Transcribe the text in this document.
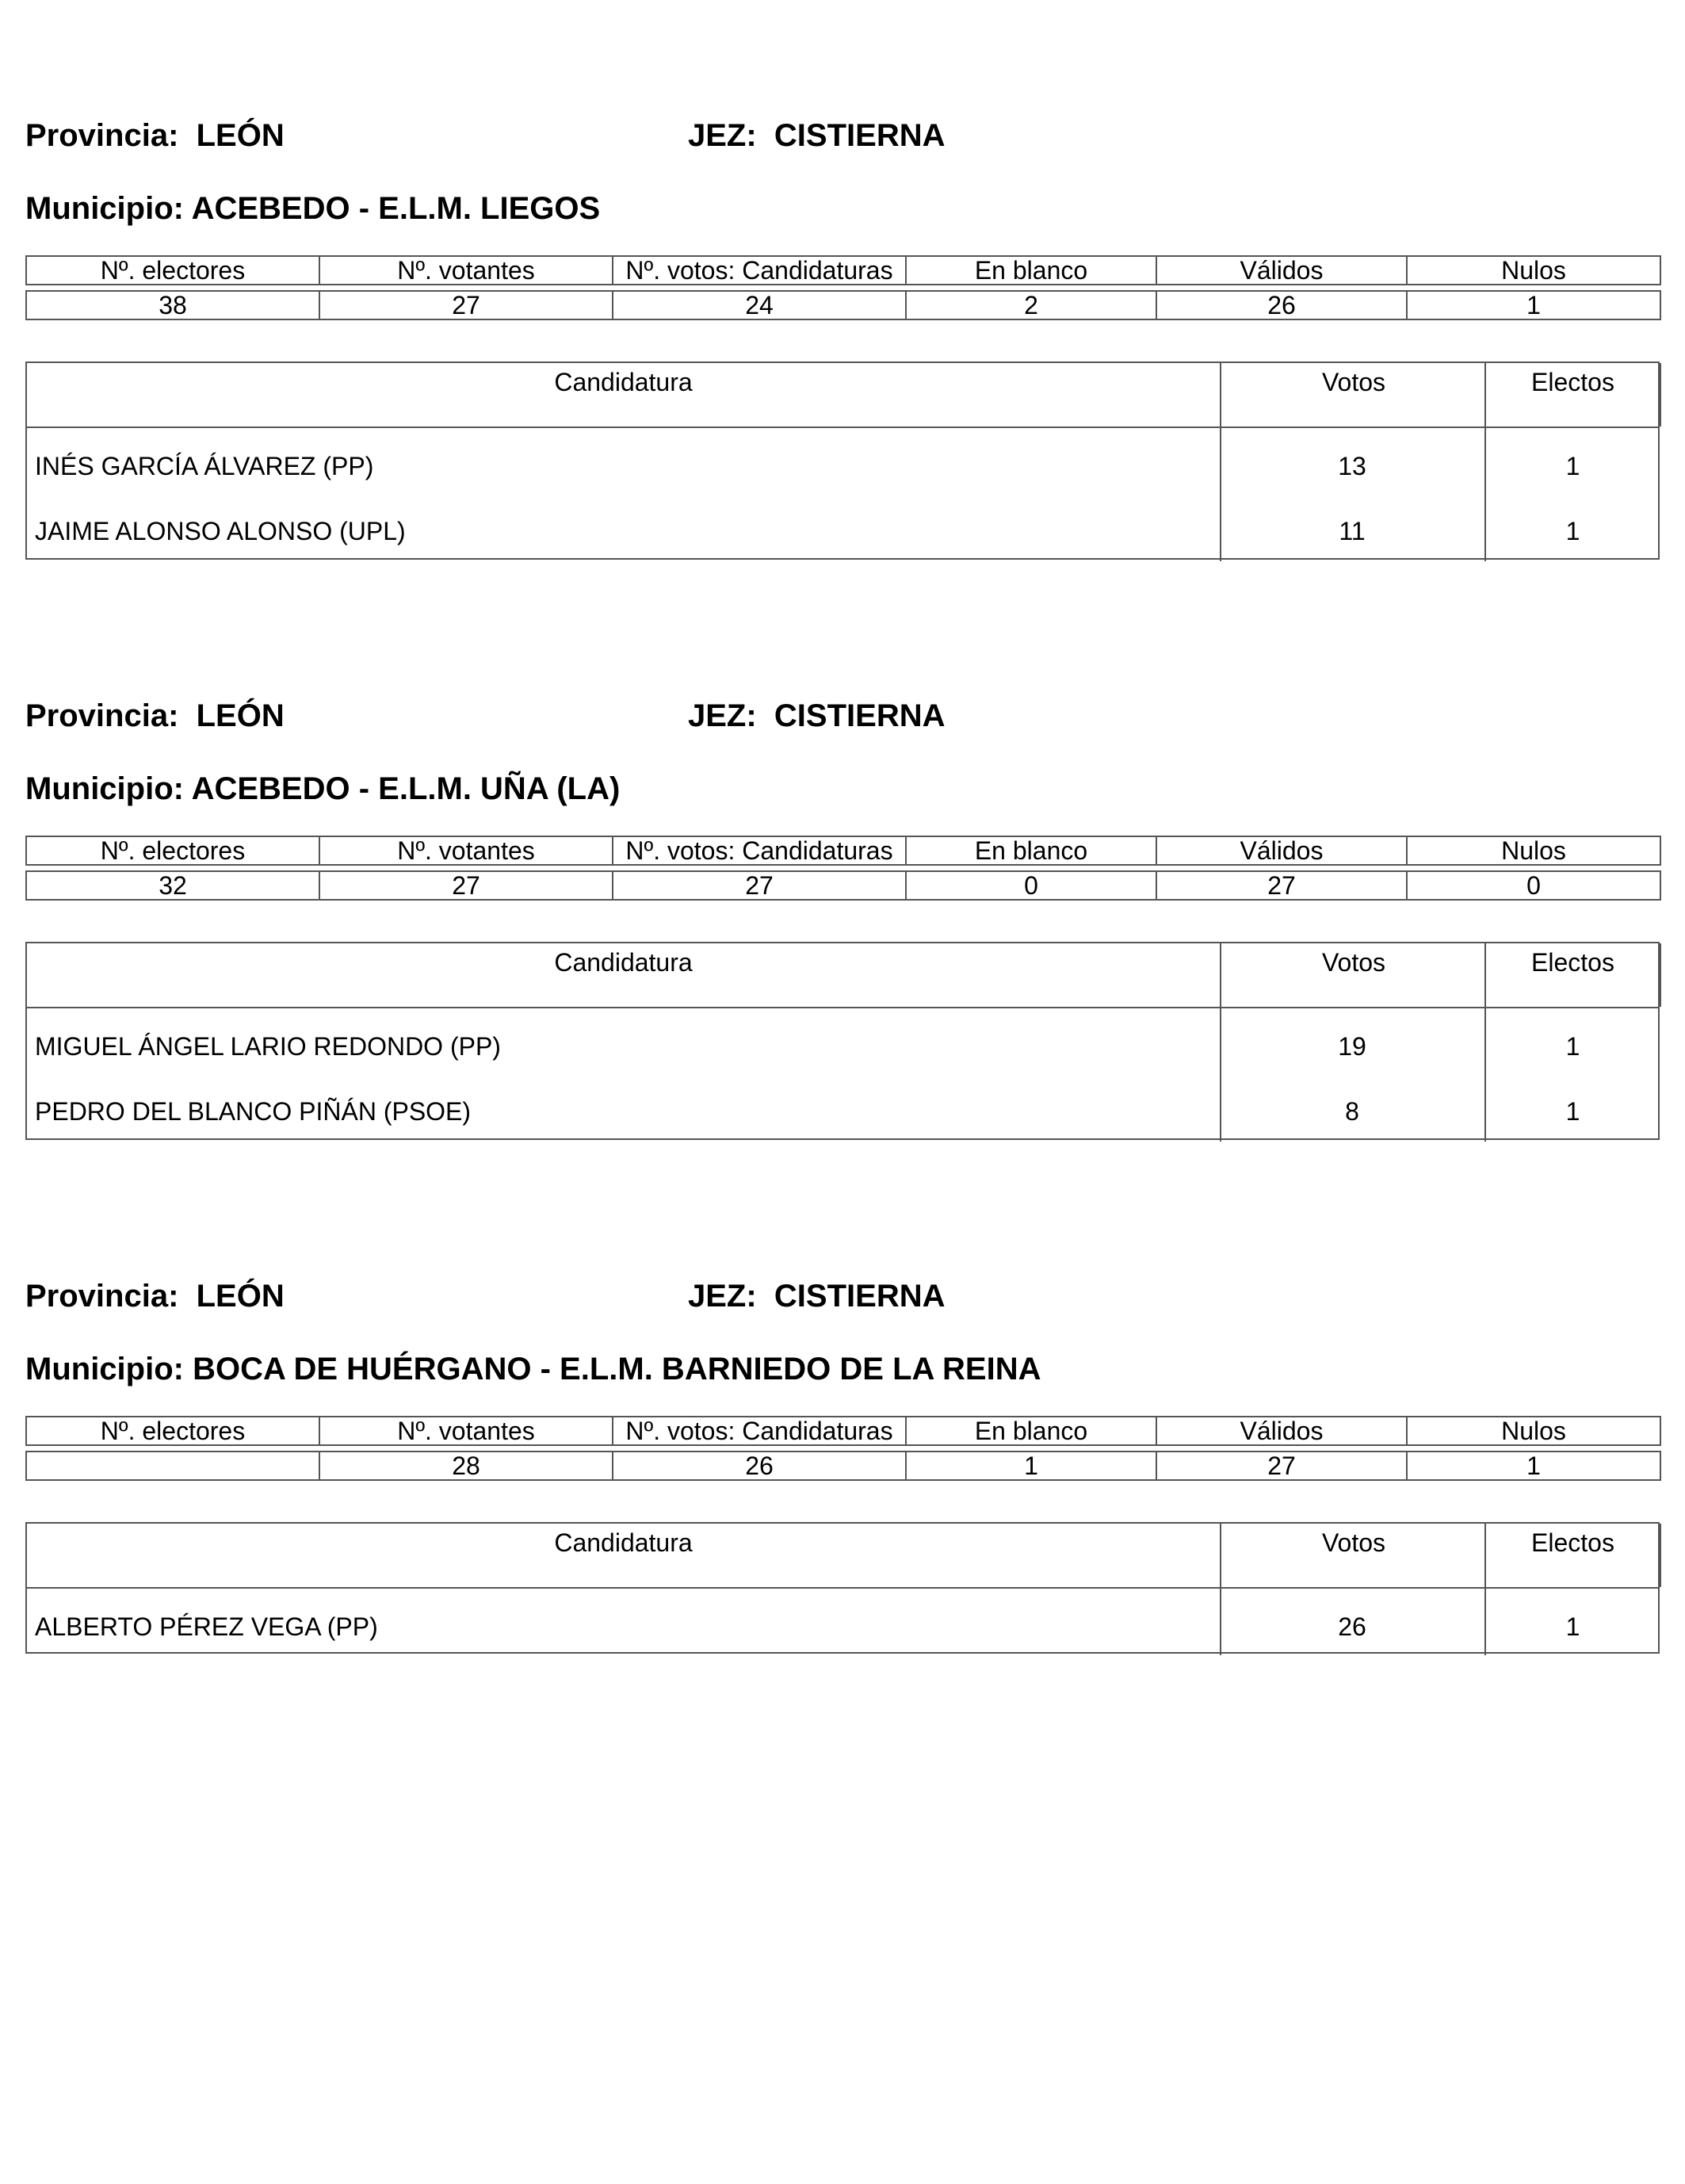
Provincia:  LEÓN	JEZ:  CISTIERNA
Municipio: ACEBEDO - E.L.M. LIEGOS
Nº. electores	Nº. votantes	Nº. votos: Candidaturas	En blanco	Válidos	Nulos

38	27	24	2	26	1
Candidatura	Votos	Electos
INÉS GARCÍA ÁLVAREZ (PP)	13	1
JAIME ALONSO ALONSO (UPL)	11	1
Provincia:  LEÓN	JEZ:  CISTIERNA
Municipio: ACEBEDO - E.L.M. UÑA (LA)
Nº. electores	Nº. votantes	Nº. votos: Candidaturas	En blanco	Válidos	Nulos

32	27	27	0	27	0
Candidatura	Votos	Electos
MIGUEL ÁNGEL LARIO REDONDO (PP)	19	1
PEDRO DEL BLANCO PIÑÁN (PSOE)	8	1
Provincia:  LEÓN	JEZ:  CISTIERNA
Municipio: BOCA DE HUÉRGANO - E.L.M. BARNIEDO DE LA REINA
Nº. electores	Nº. votantes	Nº. votos: Candidaturas	En blanco	Válidos	Nulos

	28	26	1	27	1
Candidatura	Votos	Electos
ALBERTO PÉREZ VEGA (PP)	26	1
